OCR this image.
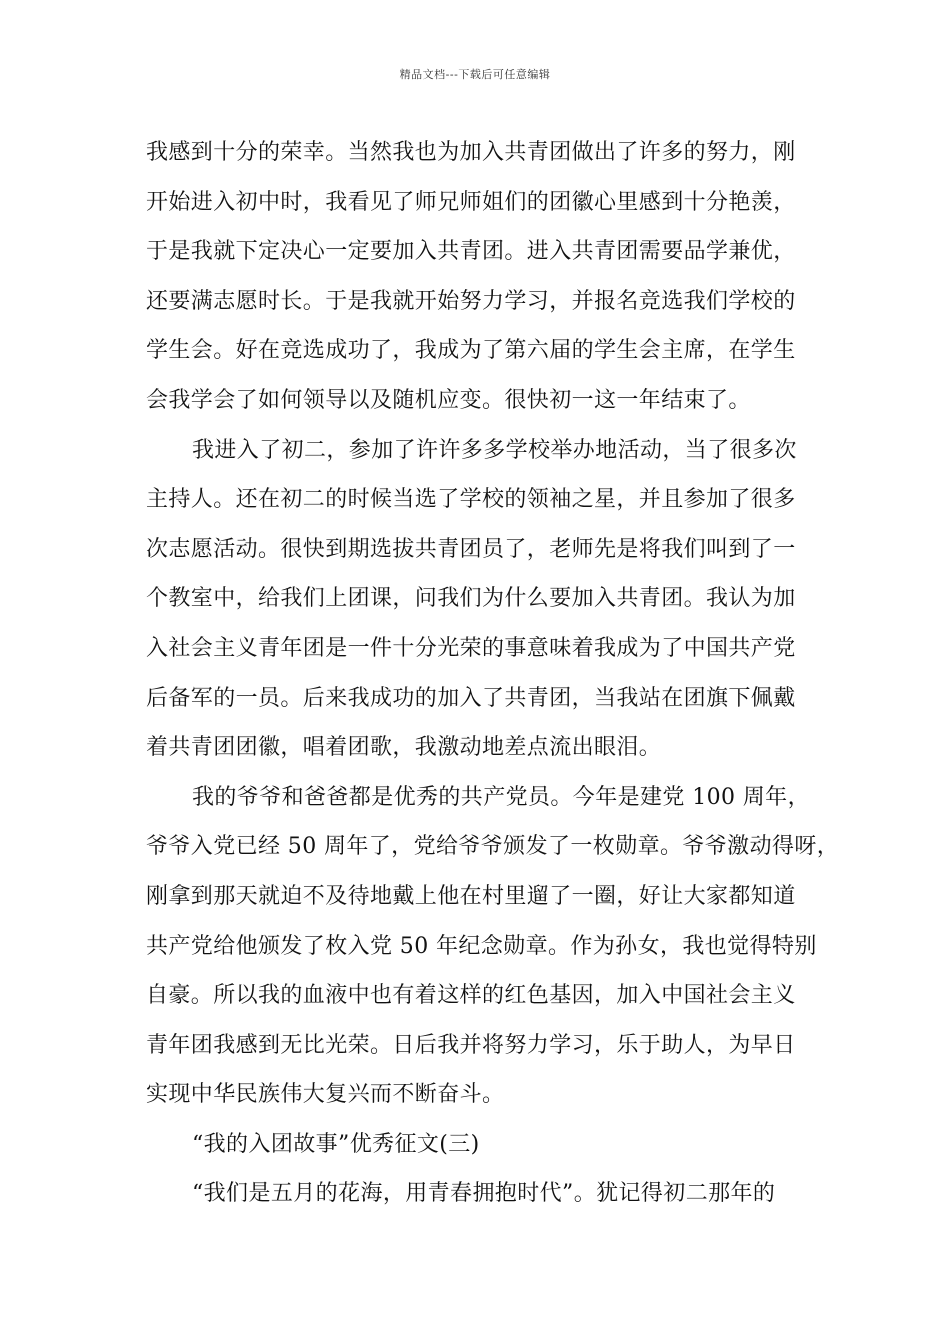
精品文档---下载后可任意编辑
我感到十分的荣幸。当然我也为加入共青团做出了许多的努力，刚
开始进入初中时，我看见了师兄师姐们的团徽心里感到十分艳羡，
于是我就下定决心一定要加入共青团。进入共青团需要品学兼优，
还要满志愿时长。于是我就开始努力学习，并报名竞选我们学校的
学生会。好在竞选成功了，我成为了第六届的学生会主席，在学生
会我学会了如何领导以及随机应变。很快初一这一年结束了。
我进入了初二，参加了许许多多学校举办地活动，当了很多次
主持人。还在初二的时候当选了学校的领袖之星，并且参加了很多
次志愿活动。很快到期选拔共青团员了，老师先是将我们叫到了一
个教室中，给我们上团课，问我们为什么要加入共青团。我认为加
入社会主义青年团是一件十分光荣的事意味着我成为了中国共产党
后备军的一员。后来我成功的加入了共青团，当我站在团旗下佩戴
着共青团团徽，唱着团歌，我激动地差点流出眼泪。
我的爷爷和爸爸都是优秀的共产党员。今年是建党 100 周年，
爷爷入党已经 50 周年了，党给爷爷颁发了一枚勋章。爷爷激动得呀，
刚拿到那天就迫不及待地戴上他在村里遛了一圈，好让大家都知道
共产党给他颁发了枚入党 50 年纪念勋章。作为孙女，我也觉得特别
自豪。所以我的血液中也有着这样的红色基因，加入中国社会主义
青年团我感到无比光荣。日后我并将努力学习，乐于助人，为早日
实现中华民族伟大复兴而不断奋斗。
“我的入团故事”优秀征文(三)
“我们是五月的花海，用青春拥抱时代”。犹记得初二那年的
